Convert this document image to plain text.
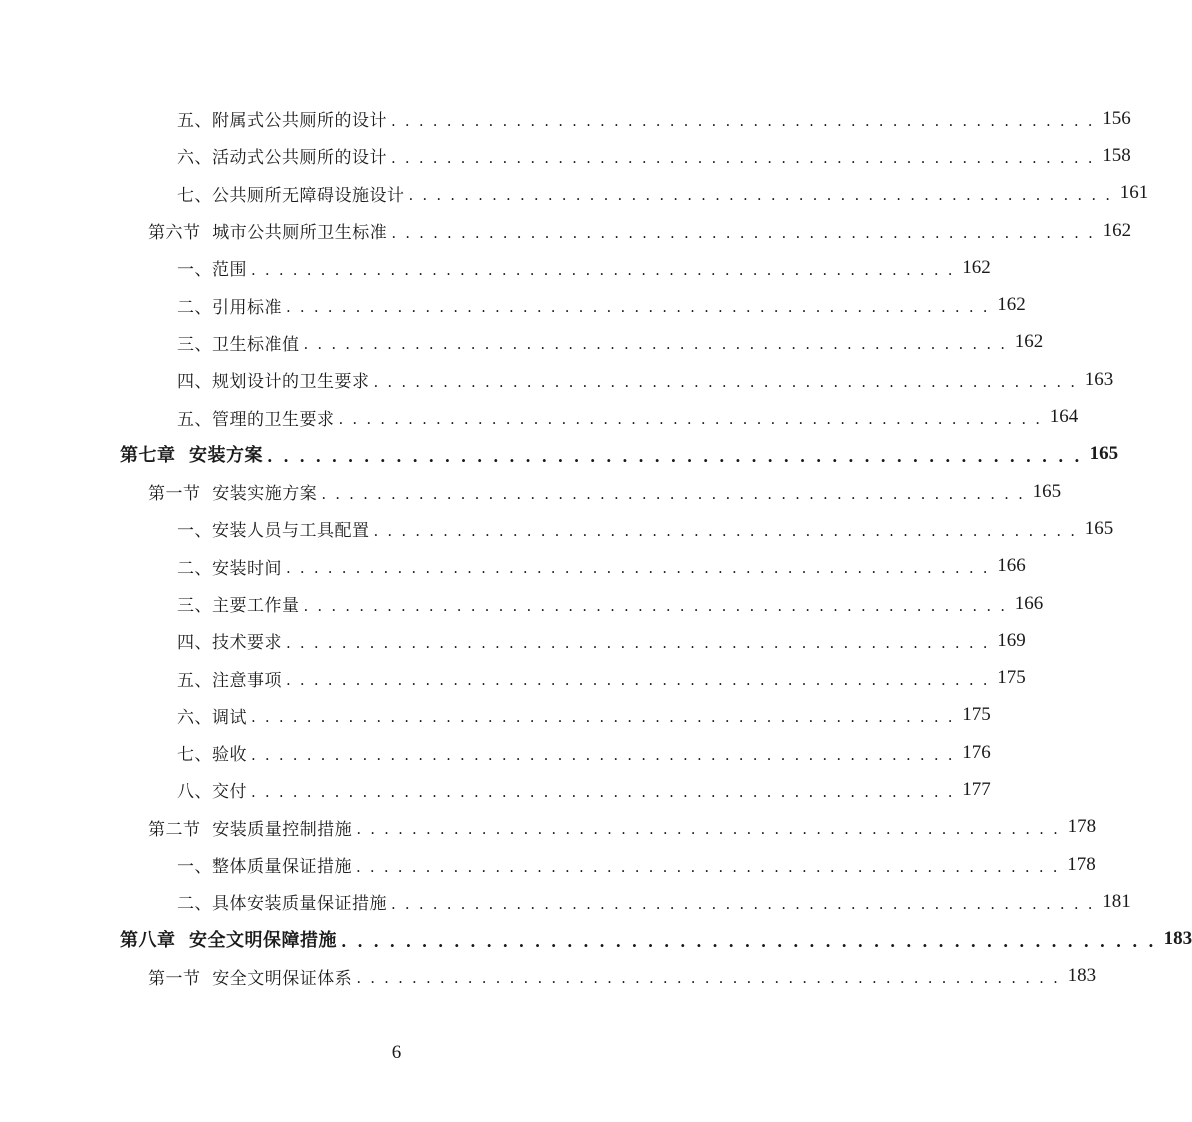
五、附属式公共厕所的设计 . . . . . . . . . . . . . . . . . . . . . . . . . . . . . . . . . . . . . . . . . . . . . . . . . . . 156
六、活动式公共厕所的设计 . . . . . . . . . . . . . . . . . . . . . . . . . . . . . . . . . . . . . . . . . . . . . . . . . . . 158
七、公共厕所无障碍设施设计 . . . . . . . . . . . . . . . . . . . . . . . . . . . . . . . . . . . . . . . . . . . . . . . . . . . 161
第六节  城市公共厕所卫生标准 . . . . . . . . . . . . . . . . . . . . . . . . . . . . . . . . . . . . . . . . . . . . . . . . . . . 162
一、范围 . . . . . . . . . . . . . . . . . . . . . . . . . . . . . . . . . . . . . . . . . . . . . . . . . . . 162
二、引用标准 . . . . . . . . . . . . . . . . . . . . . . . . . . . . . . . . . . . . . . . . . . . . . . . . . . . 162
三、卫生标准值 . . . . . . . . . . . . . . . . . . . . . . . . . . . . . . . . . . . . . . . . . . . . . . . . . . . 162
四、规划设计的卫生要求 . . . . . . . . . . . . . . . . . . . . . . . . . . . . . . . . . . . . . . . . . . . . . . . . . . . 163
五、管理的卫生要求 . . . . . . . . . . . . . . . . . . . . . . . . . . . . . . . . . . . . . . . . . . . . . . . . . . . 164
第七章  安装方案 . . . . . . . . . . . . . . . . . . . . . . . . . . . . . . . . . . . . . . . . . . . . . . . . . . . 165
第一节  安装实施方案 . . . . . . . . . . . . . . . . . . . . . . . . . . . . . . . . . . . . . . . . . . . . . . . . . . . 165
一、安装人员与工具配置 . . . . . . . . . . . . . . . . . . . . . . . . . . . . . . . . . . . . . . . . . . . . . . . . . . . 165
二、安装时间 . . . . . . . . . . . . . . . . . . . . . . . . . . . . . . . . . . . . . . . . . . . . . . . . . . . 166
三、主要工作量 . . . . . . . . . . . . . . . . . . . . . . . . . . . . . . . . . . . . . . . . . . . . . . . . . . . 166
四、技术要求 . . . . . . . . . . . . . . . . . . . . . . . . . . . . . . . . . . . . . . . . . . . . . . . . . . . 169
五、注意事项 . . . . . . . . . . . . . . . . . . . . . . . . . . . . . . . . . . . . . . . . . . . . . . . . . . . 175
六、调试 . . . . . . . . . . . . . . . . . . . . . . . . . . . . . . . . . . . . . . . . . . . . . . . . . . . 175
七、验收 . . . . . . . . . . . . . . . . . . . . . . . . . . . . . . . . . . . . . . . . . . . . . . . . . . . 176
八、交付 . . . . . . . . . . . . . . . . . . . . . . . . . . . . . . . . . . . . . . . . . . . . . . . . . . . 177
第二节  安装质量控制措施 . . . . . . . . . . . . . . . . . . . . . . . . . . . . . . . . . . . . . . . . . . . . . . . . . . . 178
一、整体质量保证措施 . . . . . . . . . . . . . . . . . . . . . . . . . . . . . . . . . . . . . . . . . . . . . . . . . . . 178
二、具体安装质量保证措施 . . . . . . . . . . . . . . . . . . . . . . . . . . . . . . . . . . . . . . . . . . . . . . . . . . . 181
第八章  安全文明保障措施 . . . . . . . . . . . . . . . . . . . . . . . . . . . . . . . . . . . . . . . . . . . . . . . . . . . 183
第一节  安全文明保证体系 . . . . . . . . . . . . . . . . . . . . . . . . . . . . . . . . . . . . . . . . . . . . . . . . . . . 183
6
